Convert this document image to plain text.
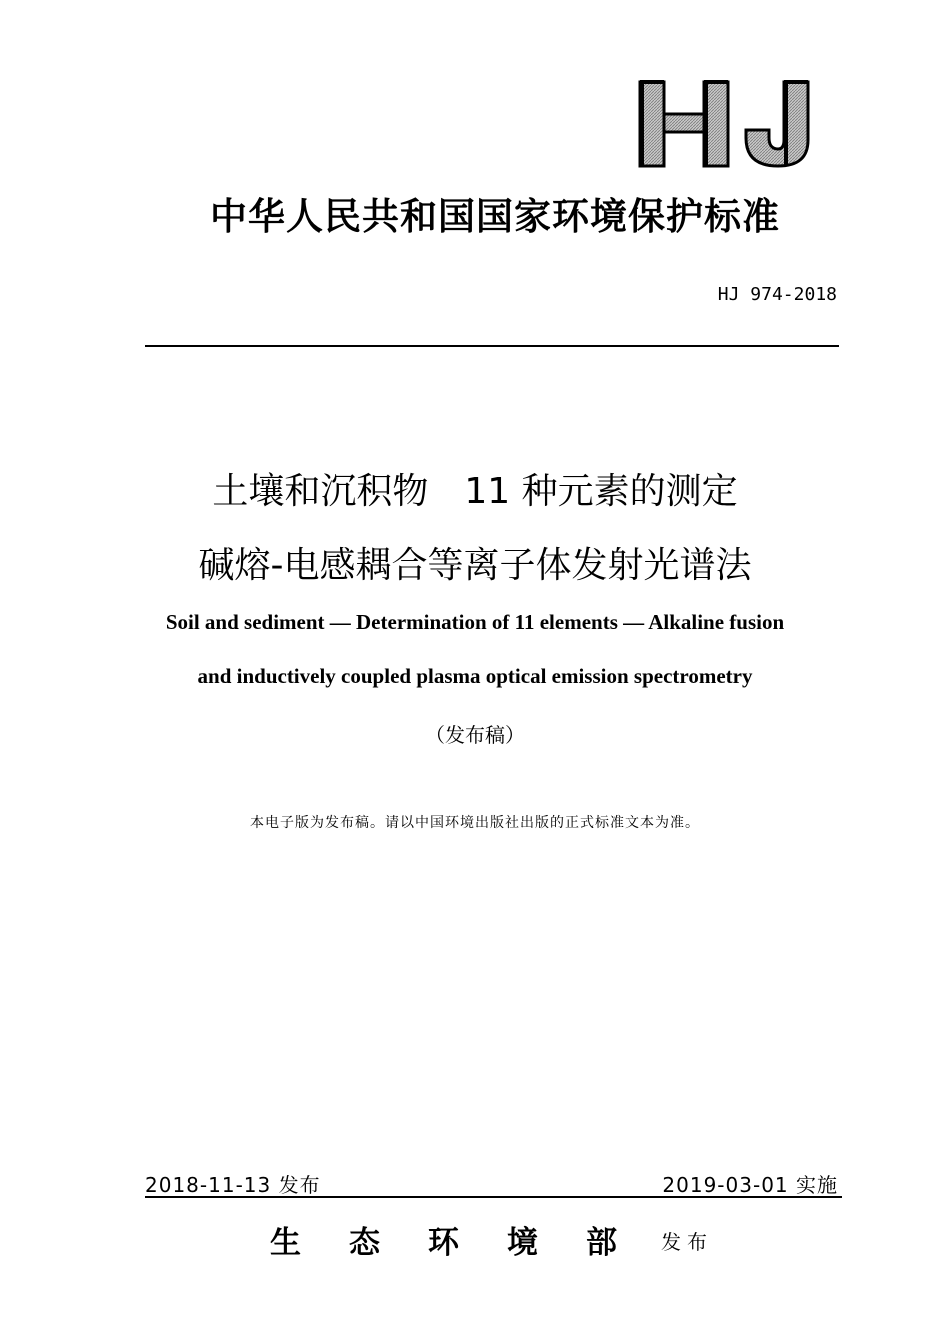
中华人民共和国国家环境保护标准
HJ 974-2018
土壤和沉积物　11 种元素的测定
碱熔-电感耦合等离子体发射光谱法
Soil and sediment — Determination of 11 elements — Alkaline fusion
and inductively coupled plasma optical emission spectrometry
（发布稿）
本电子版为发布稿。请以中国环境出版社出版的正式标准文本为准。
2018-11-13 发布	2019-03-01 实施
生态环境部
发布
